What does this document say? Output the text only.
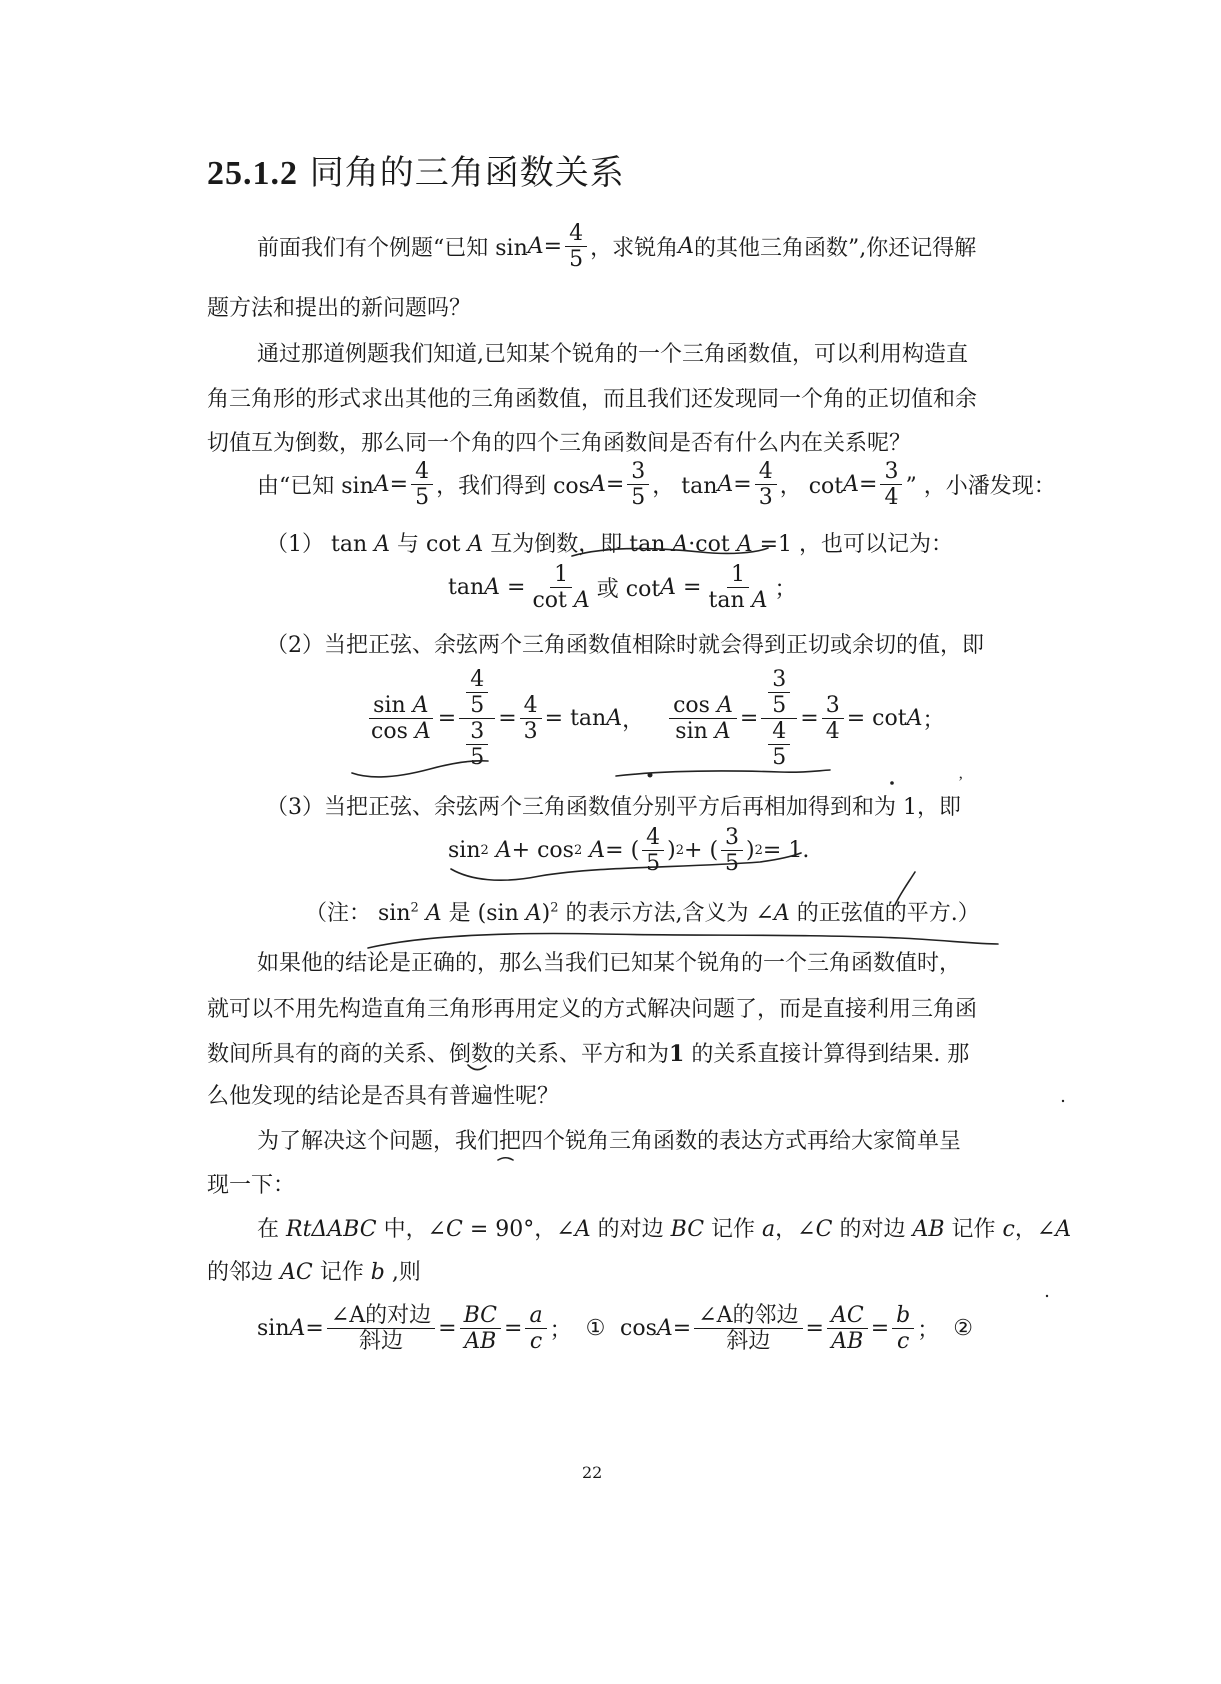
25.1.2 同角的三角函数关系
前面我们有个例题“已知 $\sin A = \frac{4}{5}$ ，求锐角 A 的其他三角函数”,你还记得解
题方法和提出的新问题吗？
通过那道例题我们知道,已知某个锐角的一个三角函数值，可以利用构造直
角三角形的形式求出其他的三角函数值，而且我们还发现同一个角的正切值和余
切值互为倒数，那么同一个角的四个三角函数间是否有什么内在关系呢？
由“已知 $\sin A = \frac{4}{5}$ ，我们得到 $\cos A = \frac{3}{5}$ ， $\tan A = \frac{4}{3}$ ， $\cot A = \frac{3}{4}$ ” ，小潘发现：
（1） tan A 与 cot A 互为倒数，即 tan A·cot A =1 ，也可以记为：
$\tan A = \frac{1}{\text{cot A}}$ 或 $\cot A = \frac{1}{\text{tan A}}$ ；
（2）当把正弦、余弦两个三角函数值相除时就会得到正切或余切的值，即
$\frac{\text{sin A}}{\text{cos A}} = \frac{\frac{4}{5}}{\frac{3}{5}} = \frac{4}{3} = \tan A$ ， $\frac{\text{cos A}}{\text{sin A}} = \frac{\frac{3}{5}}{\frac{4}{5}} = \frac{3}{4} = \cot A$ ；
（3）当把正弦、余弦两个三角函数值分别平方后再相加得到和为 1，即
sin 2
A + cos 2
A = ( $\frac{4}{5}$ ) 2 + ( $\frac{3}{5}$ ) 2 = 1.
（注： $\sin^2 A$ 是 (sin A)$^2$ 的表示方法,含义为 ∠A 的正弦值的平方.）
如果他的结论是正确的，那么当我们已知某个锐角的一个三角函数值时，
就可以不用先构造直角三角形再用定义的方式解决问题了，而是直接利用三角函
数间所具有的商的关系、倒数的关系、平方和为1 的关系直接计算得到结果. 那
么他发现的结论是否具有普遍性呢？
为了解决这个问题，我们把四个锐角三角函数的表达方式再给大家简单呈
现一下：
在 RtΔABC 中，∠C = 90°，∠A 的对边 BC 记作 a，∠C 的对边 AB 记作 c，∠A
的邻边 AC 记作 b ,则
$\sin A = \frac{\text{∠A的对边}}{\text{斜边}} = \frac{BC}{AB} = \frac{a}{c}$ ；
① $\cos A = \frac{\text{∠A的邻边}}{\text{斜边}} = \frac{AC}{AB} = \frac{b}{c}$ ；
②
22
’
